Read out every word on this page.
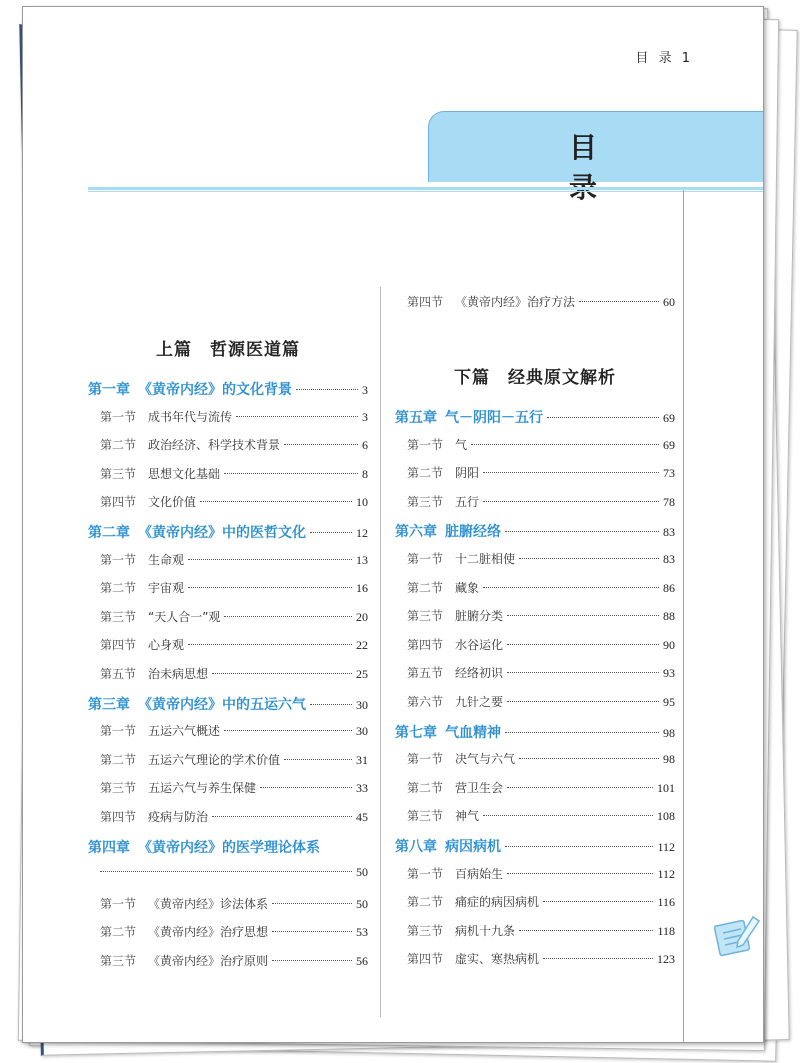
目 录 1
目
上篇　哲源医道篇
第一章 《黄帝内经》的文化背景	3
第一节 成书年代与流传	3
第二节 政治经济、科学技术背景	6
第三节 思想文化基础	8
第四节 文化价值	10
第二章 《黄帝内经》中的医哲文化	12
第一节 生命观	13
第二节 宇宙观	16
第三节 “天人合一”观	20
第四节 心身观	22
第五节 治未病思想	25
第三章 《黄帝内经》中的五运六气	30
第一节 五运六气概述	30
第二节 五运六气理论的学术价值	31
第三节 五运六气与养生保健	33
第四节 疫病与防治	45
第四章 《黄帝内经》的医学理论体系
50
第一节 《黄帝内经》诊法体系	50
第二节 《黄帝内经》治疗思想	53
第三节 《黄帝内经》治疗原则	56
下篇　经典原文解析
第四节 《黄帝内经》治疗方法	60
第五章 气－阴阳－五行	69
第一节 气	69
第二节 阴阳	73
第三节 五行	78
第六章 脏腑经络	83
第一节 十二脏相使	83
第二节 藏象	86
第三节 脏腑分类	88
第四节 水谷运化	90
第五节 经络初识	93
第六节 九针之要	95
第七章 气血精神	98
第一节 决气与六气	98
第二节 营卫生会	101
第三节 神气	108
第八章 病因病机	112
第一节 百病始生	112
第二节 痛症的病因病机	116
第三节 病机十九条	118
第四节 虚实、寒热病机	123
